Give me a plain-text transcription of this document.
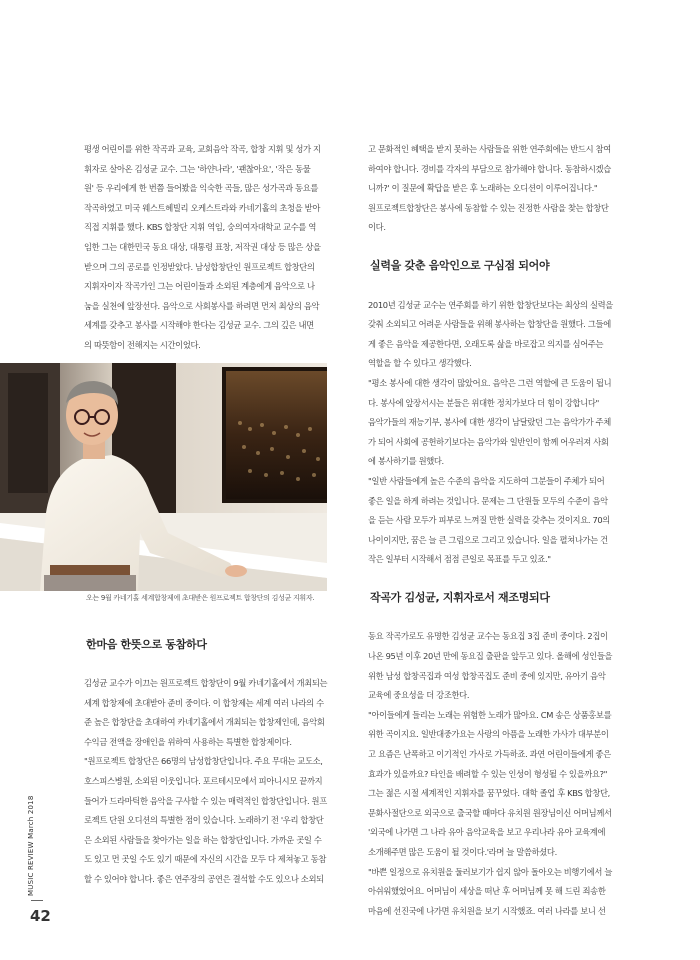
평생 어린이를 위한 작곡과 교육, 교회음악 작곡, 합창 지휘 및 성가 지

휘자로 살아온 김성균 교수. 그는 '하얀나라', '괜찮아요', '작은 동물

원' 등 우리에게 한 번쯤 들어봤을 익숙한 곡들, 많은 성가곡과 동요를

작곡하였고 미국 웨스트헤빌리 오케스트라와 카네기홀의 초청을 받아

직접 지휘를 했다. KBS 합창단 지휘 역임, 숭의여자대학교 교수를 역

임한 그는 대한민국 동요 대상, 대통령 표창, 저작권 대상 등 많은 상을

받으며 그의 공로를 인정받았다. 남성합창단인 원프로젝트 합창단의

지휘자이자 작곡가인 그는 어린이들과 소외된 계층에게 음악으로 나

눔을 실천에 앞장선다. 음악으로 사회봉사를 하려면 먼저 최상의 음악

세계를 갖추고 봉사를 시작해야 한다는 김성균 교수. 그의 깊은 내면

의 따뜻함이 전해지는 시간이었다.

오는 9월 카네기홀 세계합창제에 초대받은 원프로젝트 합창단의 김성균 지휘자.
한마음 한뜻으로 동참하다

김성균 교수가 이끄는 원프로젝트 합창단이 9월 카네기홀에서 개최되는

세계 합창제에 초대받아 준비 중이다. 이 합창제는 세계 여러 나라의 수

준 높은 합창단을 초대하여 카네기홀에서 개최되는 합창제인데, 음악회

수익금 전액을 장애인을 위하여 사용하는 특별한 합창제이다.

"원프로젝트 합창단은 66명의 남성합창단입니다. 주요 무대는 교도소,

호스피스병원, 소외된 이웃입니다. 포르테시모에서 피아니시모 끝까지

들어가 드라마틱한 음악을 구사할 수 있는 매력적인 합창단입니다. 원프

로젝트 단원 오디션의 특별한 점이 있습니다. 노래하기 전 '우리 합창단

은 소외된 사람들을 찾아가는 일을 하는 합창단입니다. 가까운 곳일 수

도 있고 먼 곳일 수도 있기 때문에 자신의 시간을 모두 다 제쳐놓고 동참

할 수 있어야 합니다. 좋은 연주장의 공연은 결석할 수도 있으나 소외되

고 문화적인 혜택을 받지 못하는 사람들을 위한 연주회에는 반드시 참여

하여야 합니다. 경비를 각자의 부담으로 참가해야 합니다. 동참하시겠습

니까?' 이 질문에 확답을 받은 후 노래하는 오디션이 이루어집니다."

원프로젝트합창단은 봉사에 동참할 수 있는 진정한 사람을 찾는 합창단

이다.

실력을 갖춘 음악인으로 구심점 되어야

2010년 김성균 교수는 연주회를 하기 위한 합창단보다는 최상의 실력을

갖춰 소외되고 어려운 사람들을 위해 봉사하는 합창단을 원했다. 그들에

게 좋은 음악을 제공한다면, 오래도록 삶을 바로잡고 의지를 심어주는

역할을 할 수 있다고 생각했다.

"평소 봉사에 대한 생각이 많았어요. 음악은 그런 역할에 큰 도움이 됩니

다. 봉사에 앞장서시는 분들은 위대한 정치가보다 더 힘이 강합니다"

음악가들의 재능기부, 봉사에 대한 생각이 남달랐던 그는 음악가가 주체

가 되어 사회에 공헌하기보다는 음악가와 일반인이 함께 어우러져 사회

에 봉사하기를 원했다.

"일반 사람들에게 높은 수준의 음악을 지도하여 그분들이 주체가 되어

좋은 일을 하게 하려는 것입니다. 문제는 그 단원들 모두의 수준이 음악

을 듣는 사람 모두가 피부로 느껴질 만한 실력을 갖추는 것이지요. 70의

나이이지만, 꿈은 늘 큰 그림으로 그리고 있습니다. 일을 펼쳐나가는 건

작은 일부터 시작해서 점점 큰일로 목표를 두고 있죠."

작곡가 김성균, 지휘자로서 재조명되다

동요 작곡가로도 유명한 김성균 교수는 동요집 3집 준비 중이다. 2집이

나온 95년 이후 20년 만에 동요집 출판을 앞두고 있다. 올해에 성인들을

위한 남성 합창곡집과 여성 합창곡집도 준비 중에 있지만, 유아기 음악

교육에 중요성을 더 강조한다.

"아이들에게 들리는 노래는 위험한 노래가 많아요. CM 송은 상품홍보를

위한 곡이지요. 일반대중가요는 사랑의 아픔을 노래한 가사가 대부분이

고 요즘은 난폭하고 이기적인 가사로 가득하죠. 과연 어린이들에게 좋은

효과가 있을까요? 타인을 배려할 수 있는 인성이 형성될 수 있을까요?"

그는 젊은 시절 세계적인 지휘자를 꿈꾸었다. 대학 졸업 후 KBS 합창단,

문화사절단으로 외국으로 출국할 때마다 유치원 원장님이신 어머님께서

'외국에 나가면 그 나라 유아 음악교육을 보고 우리나라 유아 교육계에

소개해주면 많은 도움이 될 것이다.'라며 늘 말씀하셨다.

"바쁜 일정으로 유치원을 둘러보기가 쉽지 않아 돌아오는 비행기에서 늘

아쉬워했었어요. 어머님이 세상을 떠난 후 어머님께 못 해 드린 죄송한

마음에 선진국에 나가면 유치원을 보기 시작했죠. 여러 나라를 보니 선

MUSIC REVIEW March 2018
42
